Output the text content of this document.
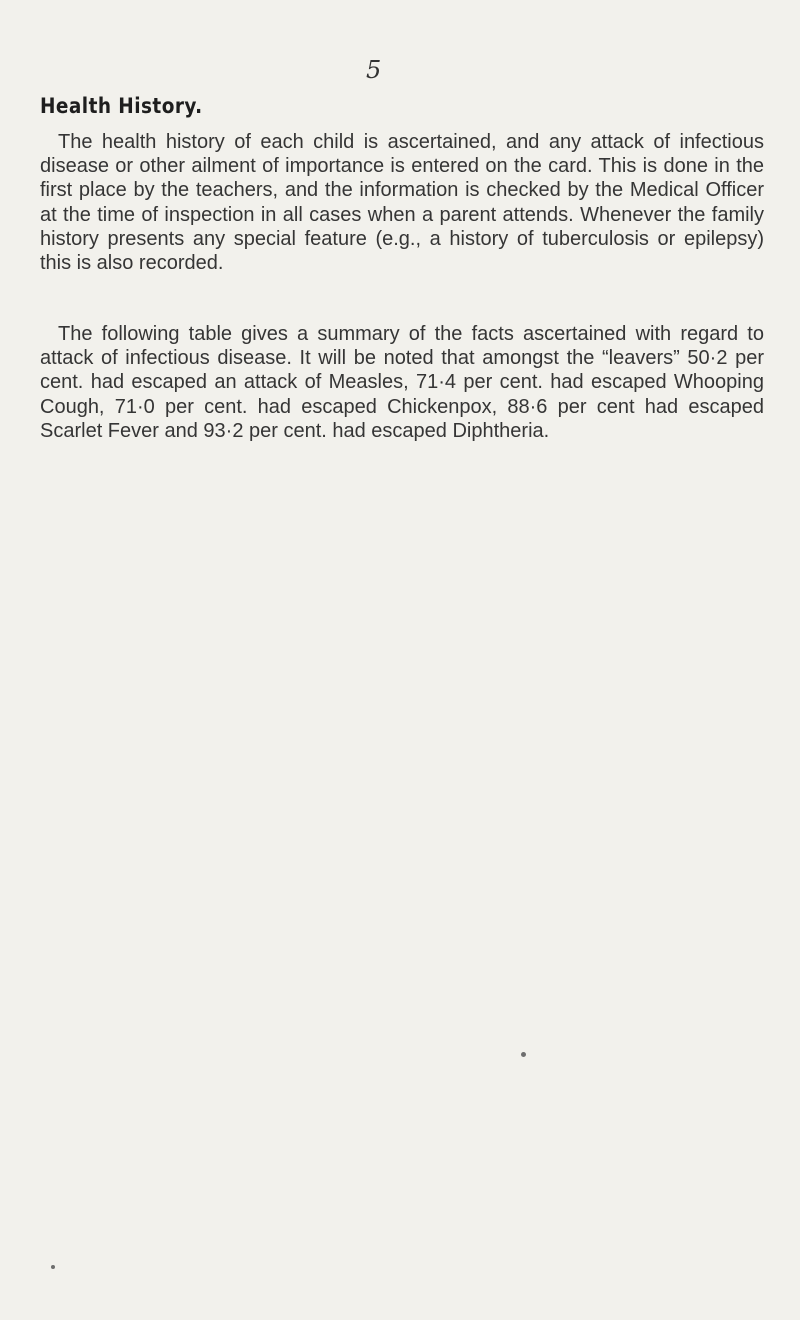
5
Health History.

The health history of each child is ascertained, and any attack of infectious disease or other ailment of importance is entered on the card. This is done in the first place by the teachers, and the information is checked by the Medical Officer at the time of inspection in all cases when a parent attends. Whenever the family history presents any special feature (e.g., a history of tuberculosis or epilepsy) this is also recorded.

The following table gives a summary of the facts ascertained with regard to attack of infectious disease. It will be noted that amongst the “leavers” 50·2 per cent. had escaped an attack of Measles, 71·4 per cent. had escaped Whooping Cough, 71·0 per cent. had escaped Chickenpox, 88·6 per cent had escaped Scarlet Fever and 93·2 per cent. had escaped Diphtheria.
